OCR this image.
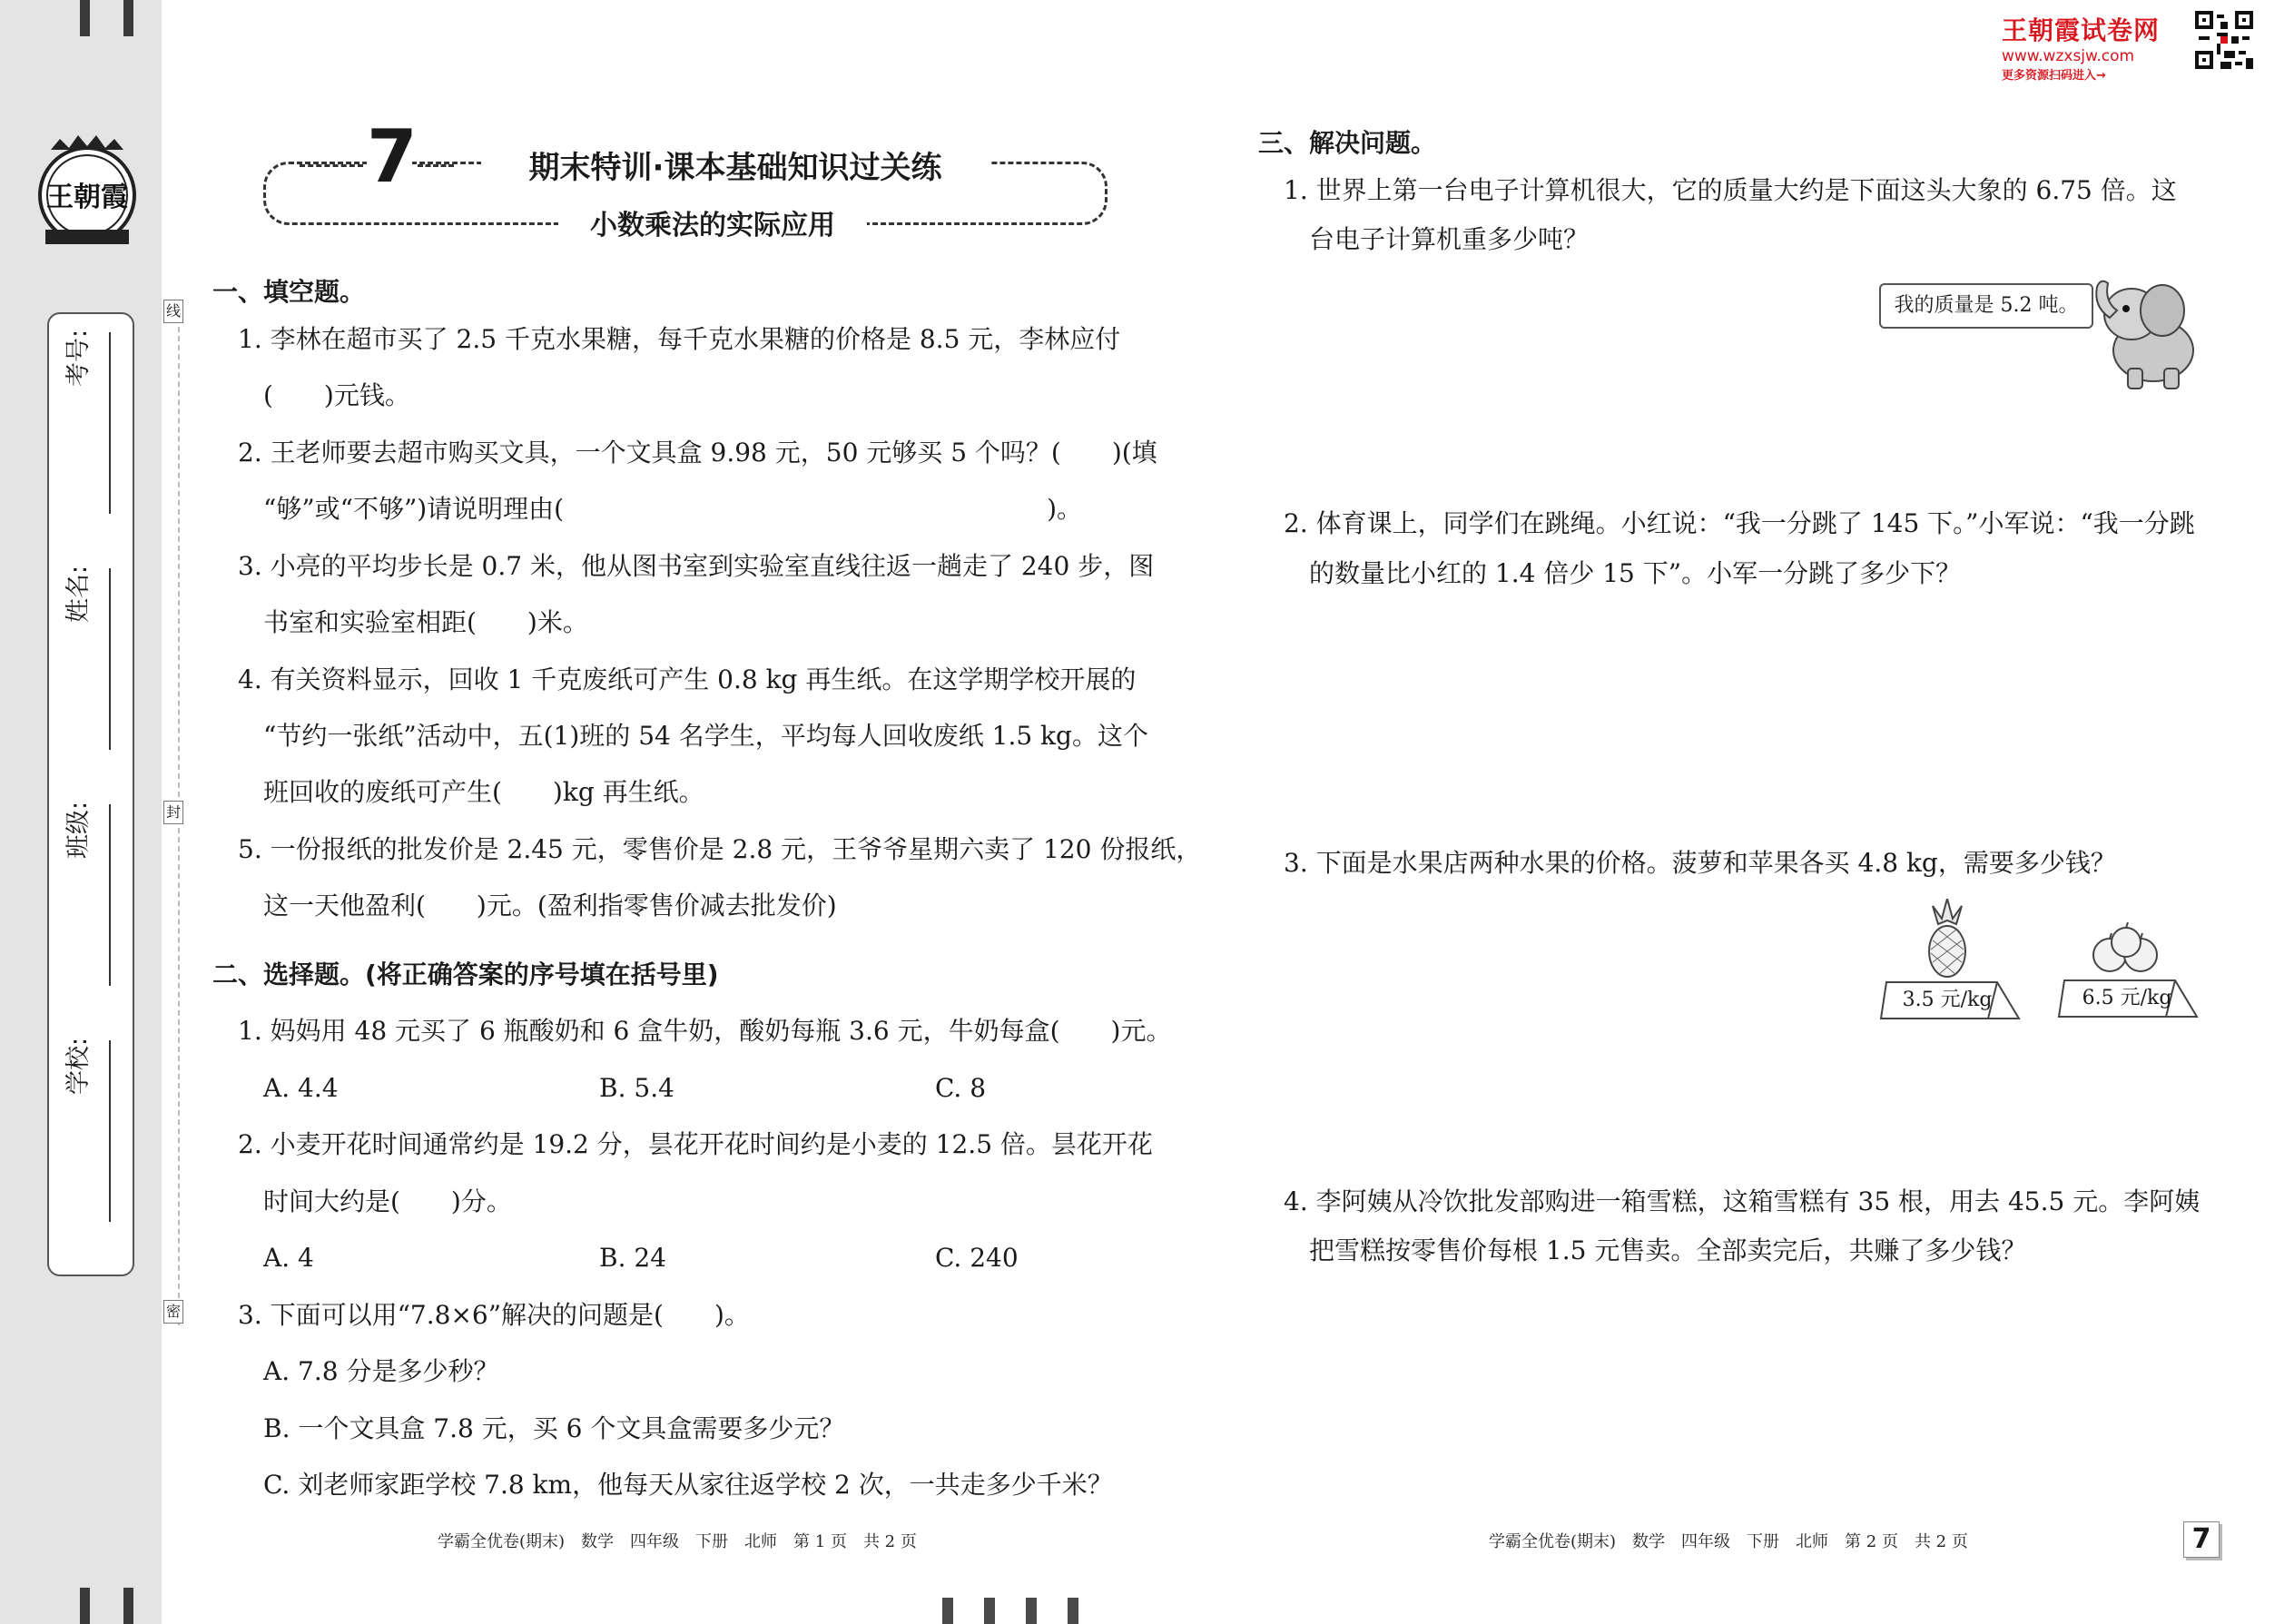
王朝霞
考号:
姓名:
班级:
学校:
线
封
密
王朝霞试卷网
www.wzxsjw.com
更多资源扫码进入→
7	期末特训·课本基础知识过关练
小数乘法的实际应用
一、填空题。
1. 李林在超市买了 2.5 千克水果糖，每千克水果糖的价格是 8.5 元，李林应付
(　　)元钱。
2. 王老师要去超市购买文具，一个文具盒 9.98 元，50 元够买 5 个吗？(　　)(填
“够”或“不够”)请说明理由(　　　　　　　　　　　　　　　　　　　)。
3. 小亮的平均步长是 0.7 米，他从图书室到实验室直线往返一趟走了 240 步，图
书室和实验室相距(　　)米。
4. 有关资料显示，回收 1 千克废纸可产生 0.8 kg 再生纸。在这学期学校开展的
“节约一张纸”活动中，五(1)班的 54 名学生，平均每人回收废纸 1.5 kg。这个
班回收的废纸可产生(　　)kg 再生纸。
5. 一份报纸的批发价是 2.45 元，零售价是 2.8 元，王爷爷星期六卖了 120 份报纸，
这一天他盈利(　　)元。(盈利指零售价减去批发价)
二、选择题。(将正确答案的序号填在括号里)
1. 妈妈用 48 元买了 6 瓶酸奶和 6 盒牛奶，酸奶每瓶 3.6 元，牛奶每盒(　　)元。
A. 4.4	B. 5.4	C. 8
2. 小麦开花时间通常约是 19.2 分，昙花开花时间约是小麦的 12.5 倍。昙花开花
时间大约是(　　)分。
A. 4	B. 24	C. 240
3. 下面可以用“7.8×6”解决的问题是(　　)。
A. 7.8 分是多少秒？
B. 一个文具盒 7.8 元，买 6 个文具盒需要多少元？
C. 刘老师家距学校 7.8 km，他每天从家往返学校 2 次，一共走多少千米？
学霸全优卷(期末)　数学　四年级　下册　北师　第 1 页　共 2 页
三、解决问题。
1. 世界上第一台电子计算机很大，它的质量大约是下面这头大象的 6.75 倍。这
台电子计算机重多少吨？
我的质量是 5.2 吨。
2. 体育课上，同学们在跳绳。小红说：“我一分跳了 145 下。”小军说：“我一分跳
的数量比小红的 1.4 倍少 15 下”。小军一分跳了多少下？
3. 下面是水果店两种水果的价格。菠萝和苹果各买 4.8 kg，需要多少钱？
3.5 元/kg	6.5 元/kg
4. 李阿姨从冷饮批发部购进一箱雪糕，这箱雪糕有 35 根，用去 45.5 元。李阿姨
把雪糕按零售价每根 1.5 元售卖。全部卖完后，共赚了多少钱？
学霸全优卷(期末)　数学　四年级　下册　北师　第 2 页　共 2 页	7
